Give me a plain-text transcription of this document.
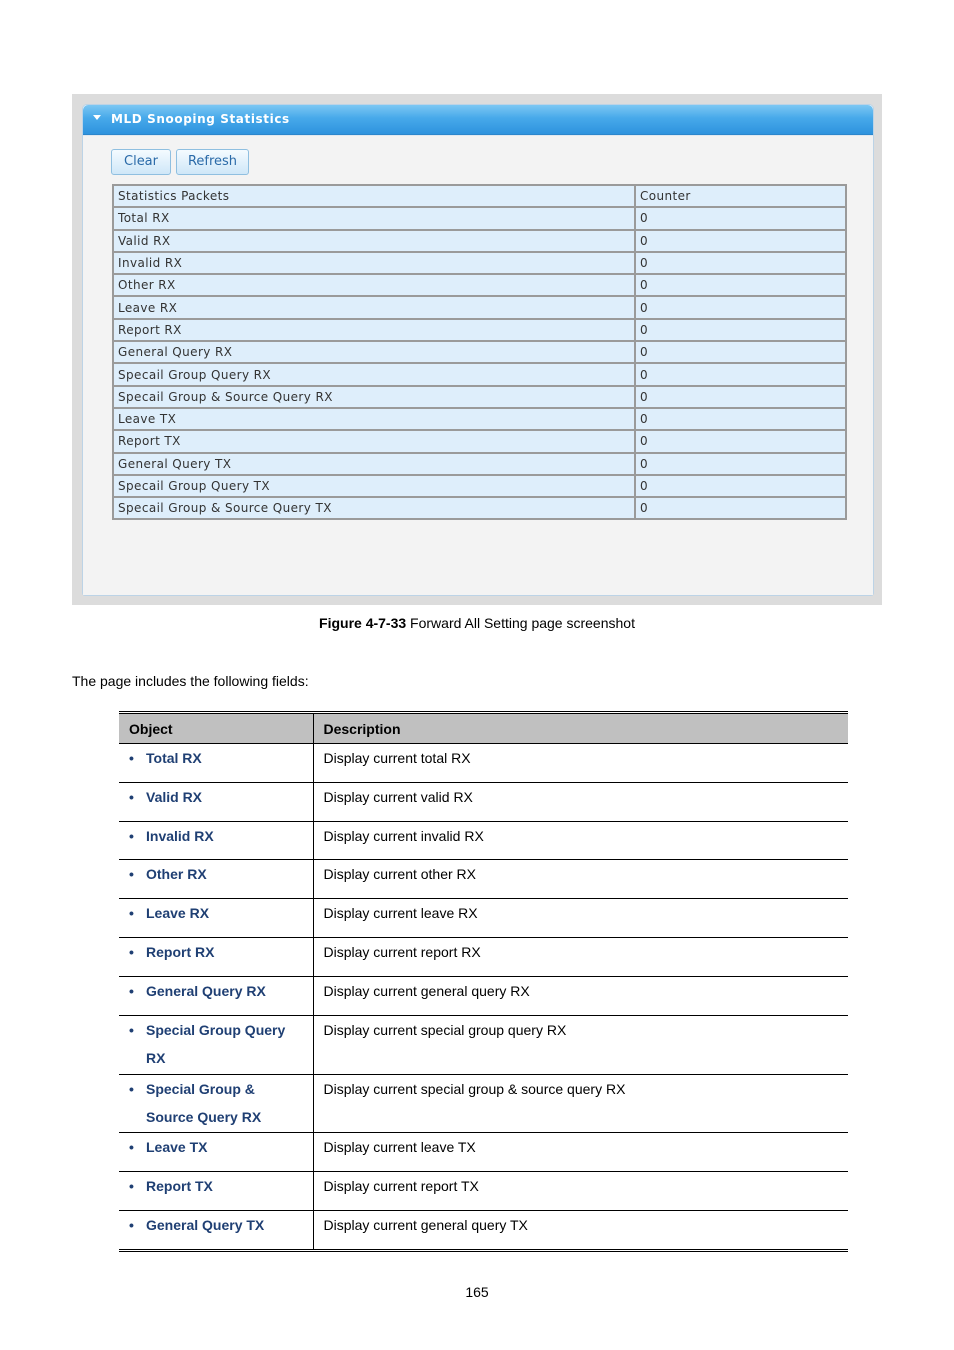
MLD Snooping Statistics
Clear	Refresh
Statistics Packets	Counter
Total RX	0
Valid RX	0
Invalid RX	0
Other RX	0
Leave RX	0
Report RX	0
General Query RX	0
Specail Group Query RX	0
Specail Group & Source Query RX	0
Leave TX	0
Report TX	0
General Query TX	0
Specail Group Query TX	0
Specail Group & Source Query TX	0
Figure 4-7-33 Forward All Setting page screenshot
The page includes the following fields:
Object	Description

• Total RX	Display current total RX

• Valid RX	Display current valid RX

• Invalid RX	Display current invalid RX

• Other RX	Display current other RX

• Leave RX	Display current leave RX

• Report RX	Display current report RX

• General Query RX	Display current general query RX

• Special Group Query RX	Display current special group query RX

• Special Group & Source Query RX	Display current special group & source query RX

• Leave TX	Display current leave TX

• Report TX	Display current report TX

• General Query TX	Display current general query TX
165
